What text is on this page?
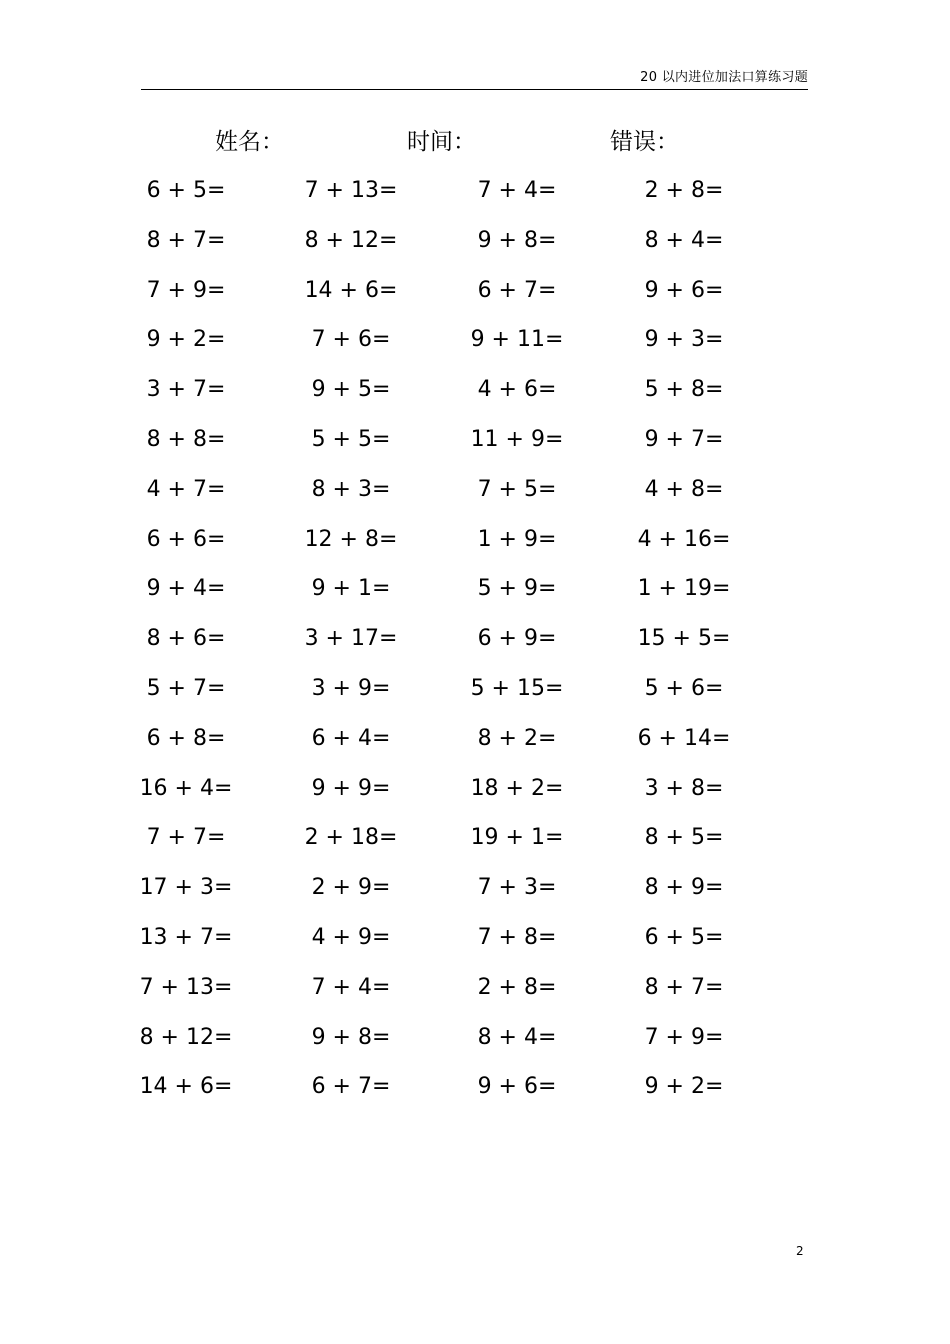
20 以内进位加法口算练习题
姓名：	时间：	错误：
6 + 5=
8 + 7=
7 + 9=
9 + 2=
3 + 7=
8 + 8=
4 + 7=
6 + 6=
9 + 4=
8 + 6=
5 + 7=
6 + 8=
16 + 4=
7 + 7=
17 + 3=
13 + 7=
7 + 13=
8 + 12=
14 + 6=
7 + 13=
8 + 12=
14 + 6=
7 + 6=
9 + 5=
5 + 5=
8 + 3=
12 + 8=
9 + 1=
3 + 17=
3 + 9=
6 + 4=
9 + 9=
2 + 18=
2 + 9=
4 + 9=
7 + 4=
9 + 8=
6 + 7=
7 + 4=
9 + 8=
6 + 7=
9 + 11=
4 + 6=
11 + 9=
7 + 5=
1 + 9=
5 + 9=
6 + 9=
5 + 15=
8 + 2=
18 + 2=
19 + 1=
7 + 3=
7 + 8=
2 + 8=
8 + 4=
9 + 6=
2 + 8=
8 + 4=
9 + 6=
9 + 3=
5 + 8=
9 + 7=
4 + 8=
4 + 16=
1 + 19=
15 + 5=
5 + 6=
6 + 14=
3 + 8=
8 + 5=
8 + 9=
6 + 5=
8 + 7=
7 + 9=
9 + 2=
2
